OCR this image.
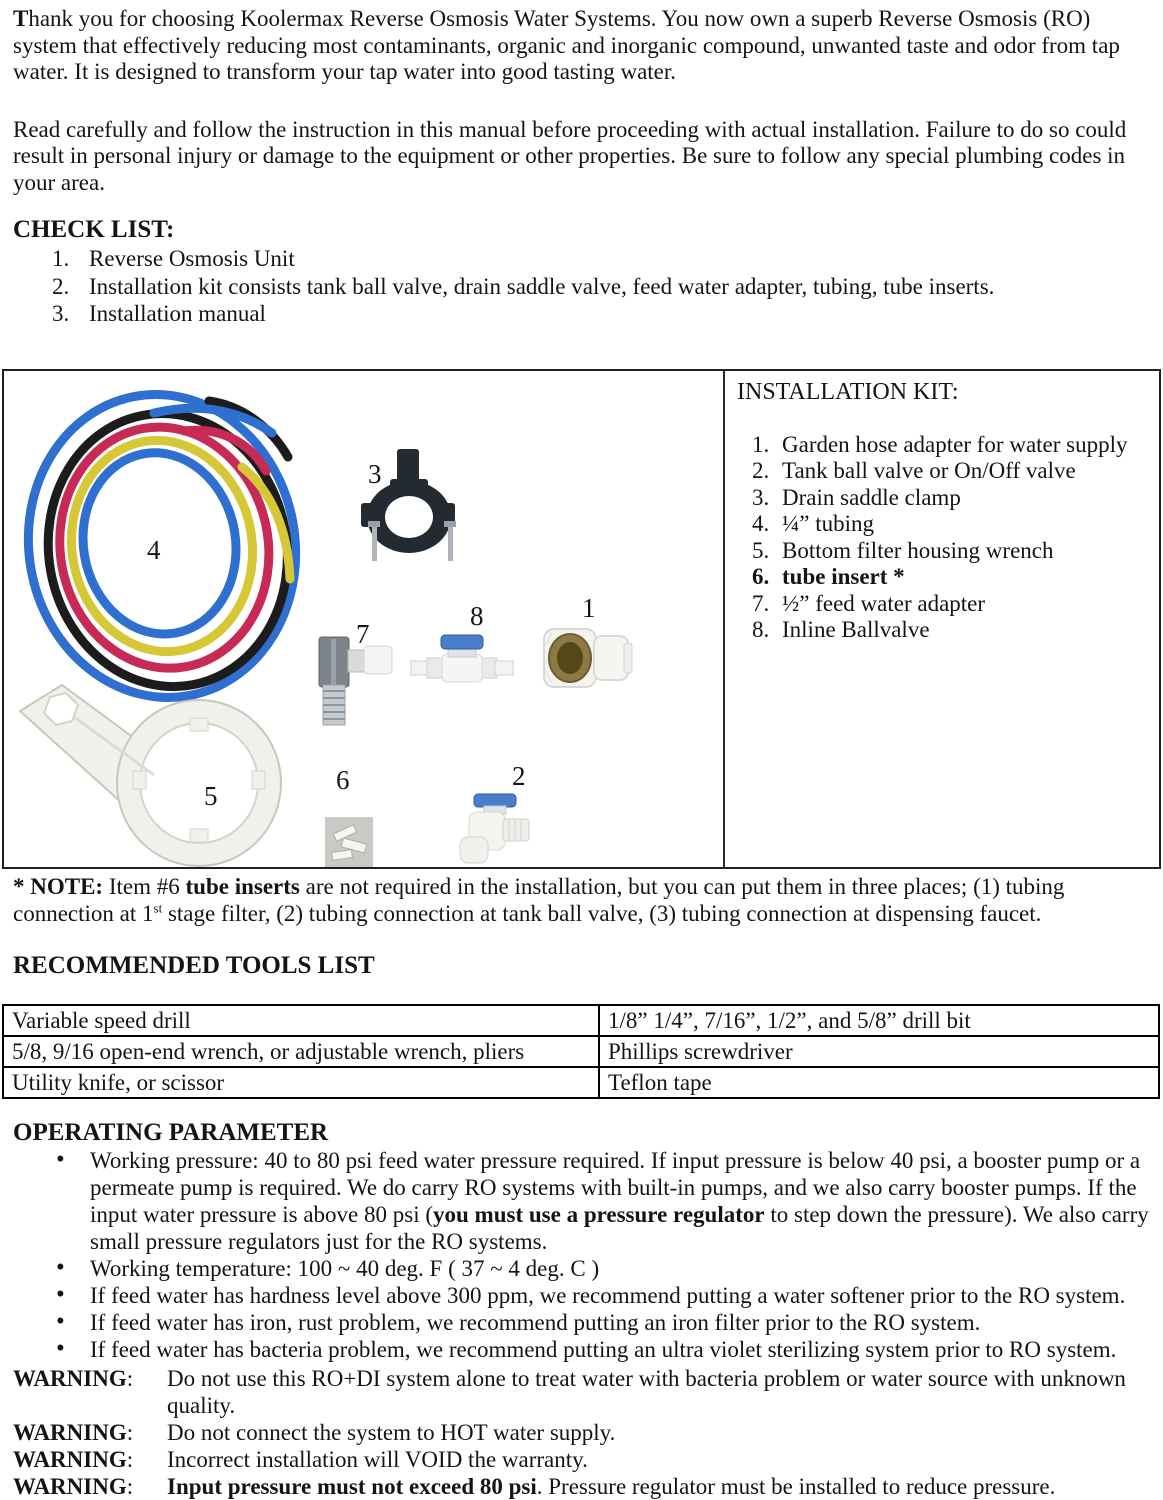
Thank you for choosing Koolermax Reverse Osmosis Water Systems. You now own a superb Reverse Osmosis (RO) system that effectively reducing most contaminants, organic and inorganic compound, unwanted taste and odor from tap water. It is designed to transform your tap water into good tasting water.

Read carefully and follow the instruction in this manual before proceeding with actual installation. Failure to do so could result in personal injury or damage to the equipment or other properties. Be sure to follow any special plumbing codes in your area.

CHECK LIST:

1. Reverse Osmosis Unit
2. Installation kit consists tank ball valve, drain saddle valve, feed water adapter, tubing, tube inserts.
3. Installation manual
1
2
3
4
5
6
7
8
INSTALLATION KIT:
1. Garden hose adapter for water supply
2. Tank ball valve or On/Off valve
3. Drain saddle clamp
4. ¼” tubing
5. Bottom filter housing wrench
6. tube insert *
7. ½” feed water adapter
8. Inline Ballvalve

* NOTE: Item #6 tube inserts are not required in the installation, but you can put them in three places; (1) tubing connection at 1st stage filter, (2) tubing connection at tank ball valve, (3) tubing connection at dispensing faucet.

RECOMMENDED TOOLS LIST

Variable speed drill	1/8” 1/4”, 7/16”, 1/2”, and 5/8” drill bit
5/8, 9/16 open-end wrench, or adjustable wrench, pliers	Phillips screwdriver
Utility knife, or scissor	Teflon tape

OPERATING PARAMETER

• Working pressure: 40 to 80 psi feed water pressure required. If input pressure is below 40 psi, a booster pump or a permeate pump is required. We do carry RO systems with built-in pumps, and we also carry booster pumps. If the input water pressure is above 80 psi (you must use a pressure regulator to step down the pressure). We also carry small pressure regulators just for the RO systems.
• Working temperature: 100 ~ 40 deg. F ( 37 ~ 4 deg. C )
• If feed water has hardness level above 300 ppm, we recommend putting a water softener prior to the RO system.
• If feed water has iron, rust problem, we recommend putting an iron filter prior to the RO system.
• If feed water has bacteria problem, we recommend putting an ultra violet sterilizing system prior to RO system.
WARNING:	Do not use this RO+DI system alone to treat water with bacteria problem or water source with unknown quality.
WARNING:	Do not connect the system to HOT water supply.
WARNING:	Incorrect installation will VOID the warranty.
WARNING:	Input pressure must not exceed 80 psi. Pressure regulator must be installed to reduce pressure.
